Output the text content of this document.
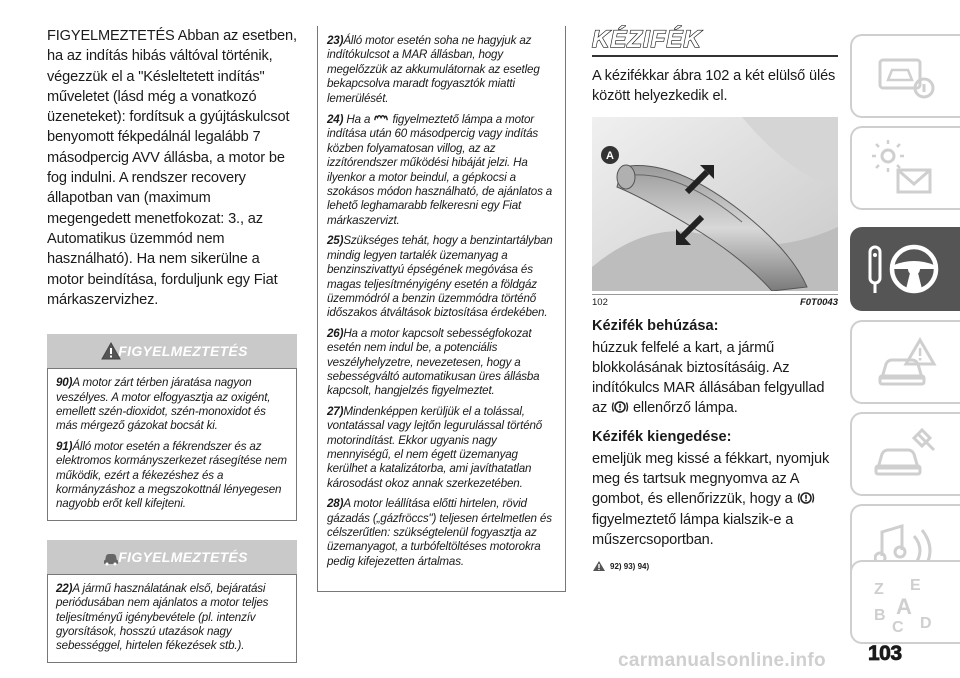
FIGYELMEZTETÉS Abban az esetben, ha az indítás hibás váltóval történik, végezzük el a "Késleltetett indítás" műveletet (lásd még a vonatkozó üzeneteket): fordítsuk a gyújtáskulcsot benyomott fékpedálnál legalább 7 másodpercig AVV állásba, a motor be fog indulni. A rendszer recovery állapotban van (maximum megengedett menetfokozat: 3., az Automatikus üzemmód nem használható). Ha nem sikerülne a motor beindítása, forduljunk egy Fiat márkaszervizhez.

FIGYELMEZTETÉS

90)A motor zárt térben járatása nagyon veszélyes. A motor elfogyasztja az oxigént, emellett szén-dioxidot, szén-monoxidot és más mérgező gázokat bocsát ki.

91)Álló motor esetén a fékrendszer és az elektromos kormányszerkezet rásegítése nem működik, ezért a fékezéshez és a kormányzáshoz a megszokottnál lényegesen nagyobb erőt kell kifejteni.

FIGYELMEZTETÉS

22)A jármű használatának első, bejáratási periódusában nem ajánlatos a motor teljes teljesítményű igénybevétele (pl. intenzív gyorsítások, hosszú utazások nagy sebességgel, hirtelen fékezések stb.).

23)Álló motor esetén soha ne hagyjuk az indítókulcsot a MAR állásban, hogy megelőzzük az akkumulátornak az esetleg bekapcsolva maradt fogyasztók miatti lemerülését.

24) Ha a figyelmeztető lámpa a motor indítása után 60 másodpercig vagy indítás közben folyamatosan villog, az az izzítórendszer működési hibáját jelzi. Ha ilyenkor a motor beindul, a gépkocsi a szokásos módon használható, de ajánlatos a lehető leghamarabb felkeresni egy Fiat márkaszervizt.

25)Szükséges tehát, hogy a benzintartályban mindig legyen tartalék üzemanyag a benzinszivattyú épségének megóvása és magas teljesítményigény esetén a földgáz üzemmódról a benzin üzemmódra történő időszakos átváltások biztosítása érdekében.

26)Ha a motor kapcsolt sebességfokozat esetén nem indul be, a potenciális veszélyhelyzetre, nevezetesen, hogy a sebességváltó automatikusan üres állásba kapcsolt, hangjelzés figyelmeztet.

27)Mindenképpen kerüljük el a tolással, vontatással vagy lejtőn legurulással történő motorindítást. Ekkor ugyanis nagy mennyiségű, el nem égett üzemanyag kerülhet a katalizátorba, ami javíthatatlan károsodást okoz annak szerkezetében.

28)A motor leállítása előtti hirtelen, rövid gázadás („gázfröccs") teljesen értelmetlen és célszerűtlen: szükségtelenül fogyasztja az üzemanyagot, a turbófeltöltéses motorokra pedig kifejezetten ártalmas.

KÉZIFÉK

A kézifékkar ábra 102 a két elülső ülés között helyezkedik el.

A
102	F0T0043
Kézifék behúzása:

húzzuk felfelé a kart, a jármű blokkolásának biztosításáig. Az indítókulcs MAR állásában felgyullad az ellenőrző lámpa.

Kézifék kiengedése:

emeljük meg kissé a fékkart, nyomjuk meg és tartsuk megnyomva az A gombot, és ellenőrizzük, hogy a  figyelmeztető lámpa kialszik-e a műszercsoportban.

92) 93) 94)
Z E
B A
C D
103
carmanualsonline.info
